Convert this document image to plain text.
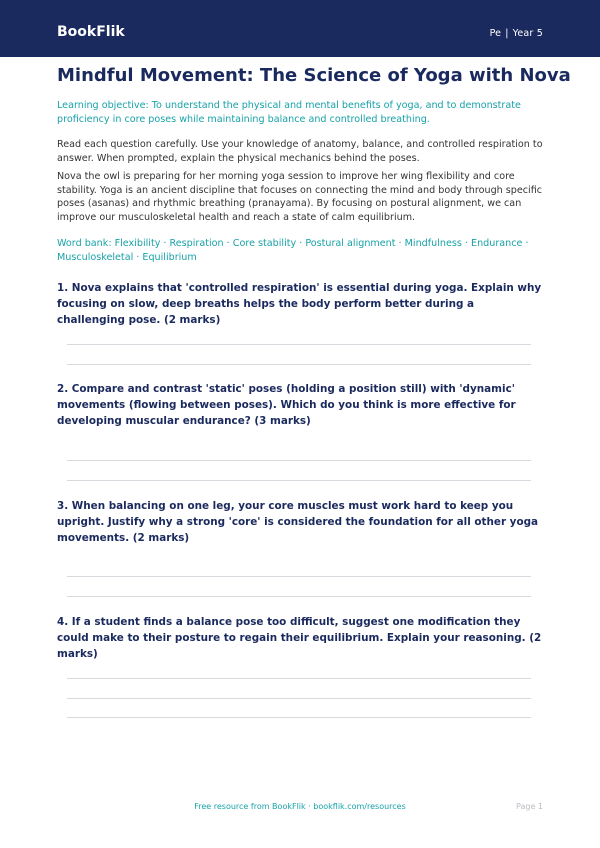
BookFlik	Pe | Year 5
Mindful Movement: The Science of Yoga with Nova

Learning objective: To understand the physical and mental benefits of yoga, and to demonstrate proficiency in core poses while maintaining balance and controlled breathing.

Read each question carefully. Use your knowledge of anatomy, balance, and controlled respiration to answer. When prompted, explain the physical mechanics behind the poses.

Nova the owl is preparing for her morning yoga session to improve her wing flexibility and core stability. Yoga is an ancient discipline that focuses on connecting the mind and body through specific poses (asanas) and rhythmic breathing (pranayama). By focusing on postural alignment, we can improve our musculoskeletal health and reach a state of calm equilibrium.

Word bank: Flexibility · Respiration · Core stability · Postural alignment · Mindfulness · Endurance · Musculoskeletal · Equilibrium

1. Nova explains that 'controlled respiration' is essential during yoga. Explain why focusing on slow, deep breaths helps the body perform better during a challenging pose. (2 marks)

2. Compare and contrast 'static' poses (holding a position still) with 'dynamic' movements (flowing between poses). Which do you think is more effective for developing muscular endurance? (3 marks)

3. When balancing on one leg, your core muscles must work hard to keep you upright. Justify why a strong 'core' is considered the foundation for all other yoga movements. (2 marks)

4. If a student finds a balance pose too difficult, suggest one modification they could make to their posture to regain their equilibrium. Explain your reasoning. (2 marks)

Free resource from BookFlik · bookflik.com/resources	Page 1
